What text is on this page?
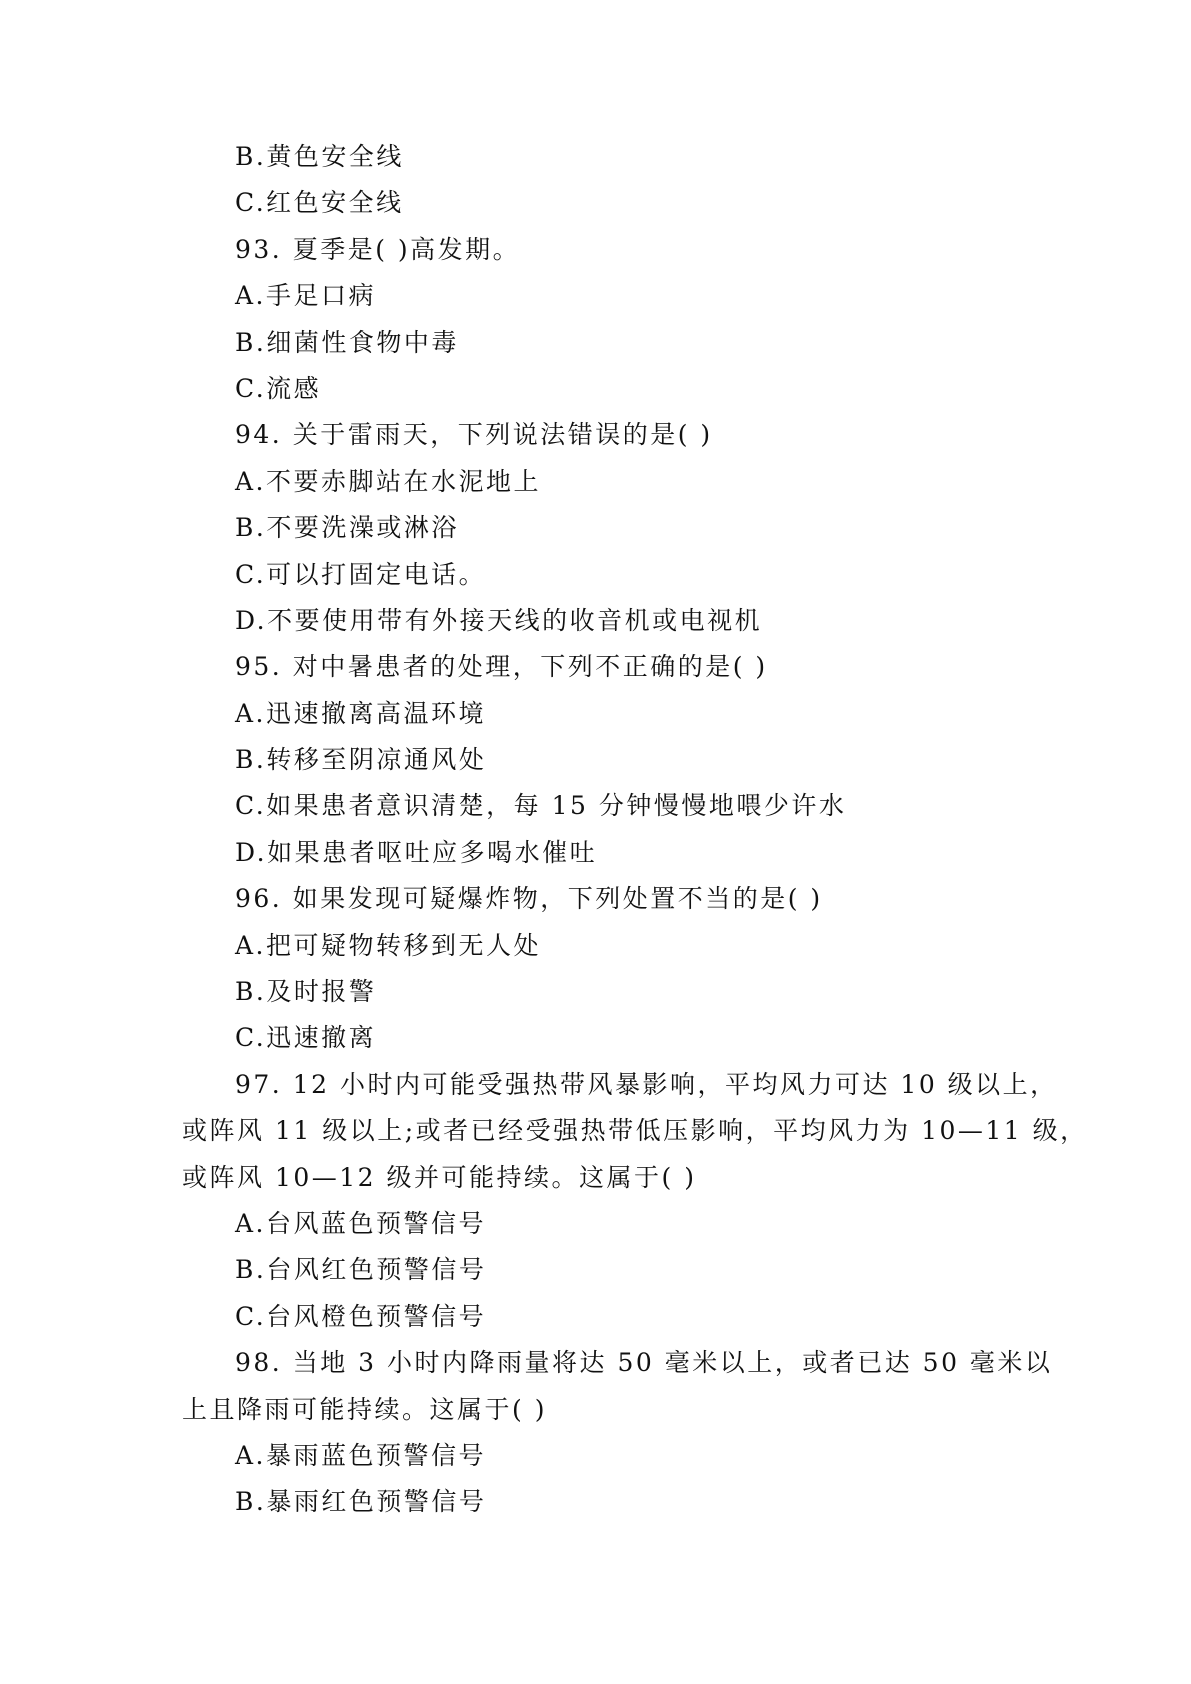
B.黄色安全线
C.红色安全线
93. 夏季是( )高发期。
A.手足口病
B.细菌性食物中毒
C.流感
94. 关于雷雨天，下列说法错误的是( )
A.不要赤脚站在水泥地上
B.不要洗澡或淋浴
C.可以打固定电话。
D.不要使用带有外接天线的收音机或电视机
95. 对中暑患者的处理，下列不正确的是( )
A.迅速撤离高温环境
B.转移至阴凉通风处
C.如果患者意识清楚，每 15 分钟慢慢地喂少许水
D.如果患者呕吐应多喝水催吐
96. 如果发现可疑爆炸物，下列处置不当的是( )
A.把可疑物转移到无人处
B.及时报警
C.迅速撤离
97. 12 小时内可能受强热带风暴影响，平均风力可达 10 级以上，
或阵风 11 级以上;或者已经受强热带低压影响，平均风力为 10—11 级，
或阵风 10—12 级并可能持续。这属于( )
A.台风蓝色预警信号
B.台风红色预警信号
C.台风橙色预警信号
98. 当地 3 小时内降雨量将达 50 毫米以上，或者已达 50 毫米以
上且降雨可能持续。这属于( )
A.暴雨蓝色预警信号
B.暴雨红色预警信号
